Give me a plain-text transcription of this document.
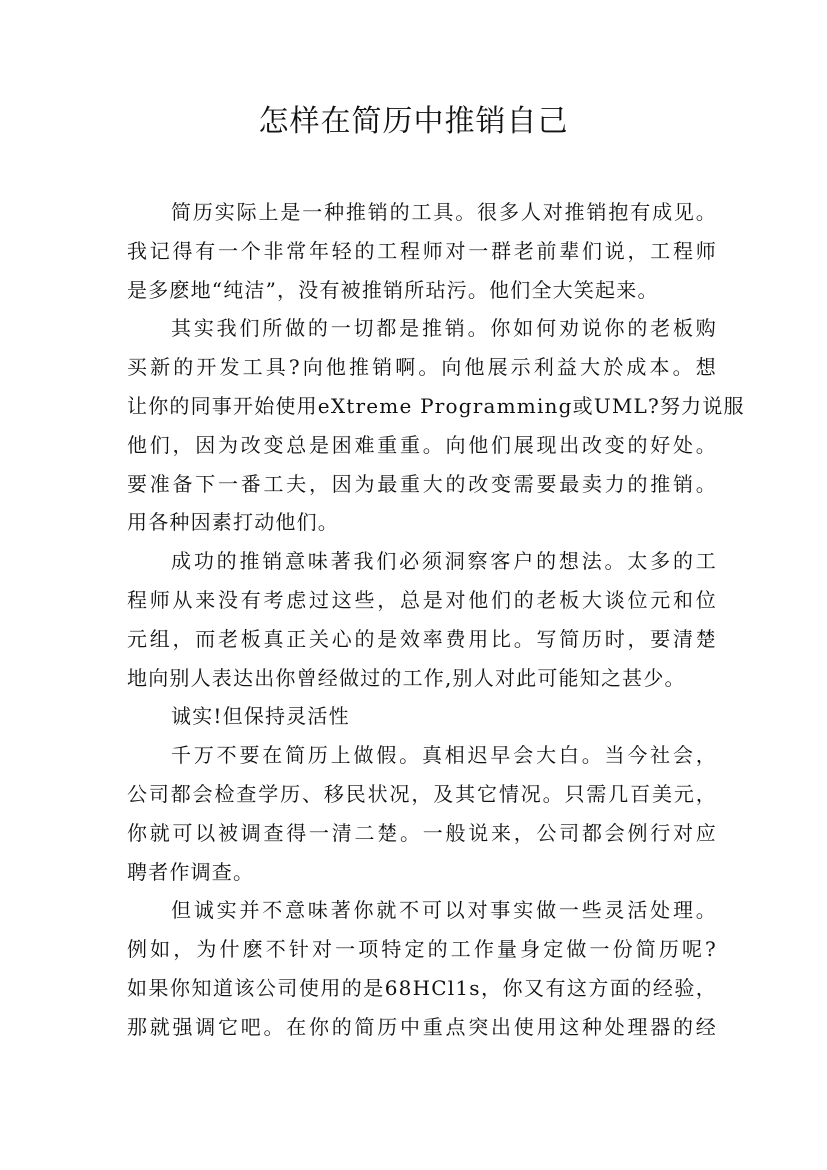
怎样在简历中推销自己
简历实际上是一种推销的工具。很多人对推销抱有成见。
我记得有一个非常年轻的工程师对一群老前辈们说，工程师
是多麽地“纯洁”，没有被推销所玷污。他们全大笑起来。
其实我们所做的一切都是推销。你如何劝说你的老板购
买新的开发工具?向他推销啊。向他展示利益大於成本。想
让你的同事开始使用eXtreme Programming或UML?努力说服
他们，因为改变总是困难重重。向他们展现出改变的好处。
要准备下一番工夫，因为最重大的改变需要最卖力的推销。
用各种因素打动他们。
成功的推销意味著我们必须洞察客户的想法。太多的工
程师从来没有考虑过这些，总是对他们的老板大谈位元和位
元组，而老板真正关心的是效率费用比。写简历时，要清楚
地向别人表达出你曾经做过的工作,别人对此可能知之甚少。
诚实!但保持灵活性
千万不要在简历上做假。真相迟早会大白。当今社会，
公司都会检查学历、移民状况，及其它情况。只需几百美元，
你就可以被调查得一清二楚。一般说来，公司都会例行对应
聘者作调查。
但诚实并不意味著你就不可以对事实做一些灵活处理。
例如，为什麽不针对一项特定的工作量身定做一份简历呢?
如果你知道该公司使用的是68HCl1s，你又有这方面的经验，
那就强调它吧。在你的简历中重点突出使用这种处理器的经
